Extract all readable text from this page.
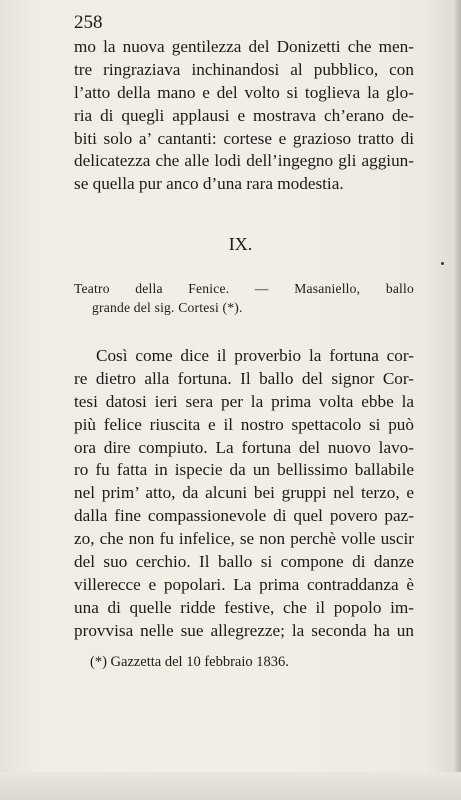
258
mo la nuova gentilezza del Donizetti che men-
tre ringraziava inchinandosi al pubblico, con
l’atto della mano e del volto si toglieva la glo-
ria di quegli applausi e mostrava ch’erano de-
biti solo a’ cantanti: cortese e grazioso tratto di
delicatezza che alle lodi dell’ingegno gli aggiun-
se quella pur anco d’una rara modestia.
IX.
Teatro della Fenice. — Masaniello, ballo
grande del sig. Cortesi (*).
Così come dice il proverbio la fortuna cor-
re dietro alla fortuna. Il ballo del signor Cor-
tesi datosi ieri sera per la prima volta ebbe la
più felice riuscita e il nostro spettacolo si può
ora dire compiuto. La fortuna del nuovo lavo-
ro fu fatta in ispecie da un bellissimo ballabile
nel prim’ atto, da alcuni bei gruppi nel terzo, e
dalla fine compassionevole di quel povero paz-
zo, che non fu infelice, se non perchè volle uscir
del suo cerchio. Il ballo si compone di danze
villerecce e popolari. La prima contraddanza è
una di quelle ridde festive, che il popolo im-
provvisa nelle sue allegrezze; la seconda ha un
(*) Gazzetta del 10 febbraio 1836.
